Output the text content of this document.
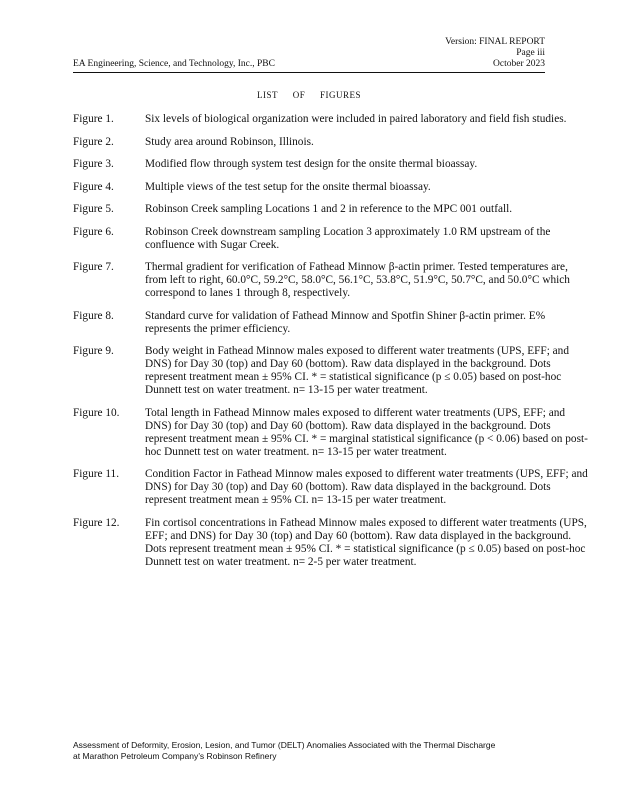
Version: FINAL REPORT
Page iii
October 2023
EA Engineering, Science, and Technology, Inc., PBC
LIST OF FIGURES
Figure 1.	Six levels of biological organization were included in paired laboratory and field fish studies.
Figure 2.	Study area around Robinson, Illinois.
Figure 3.	Modified flow through system test design for the onsite thermal bioassay.
Figure 4.	Multiple views of the test setup for the onsite thermal bioassay.
Figure 5.	Robinson Creek sampling Locations 1 and 2 in reference to the MPC 001 outfall.
Figure 6.	Robinson Creek downstream sampling Location 3 approximately 1.0 RM upstream of the confluence with Sugar Creek.
Figure 7.	Thermal gradient for verification of Fathead Minnow β-actin primer. Tested temperatures are, from left to right, 60.0°C, 59.2°C, 58.0°C, 56.1°C, 53.8°C, 51.9°C, 50.7°C, and 50.0°C which correspond to lanes 1 through 8, respectively.
Figure 8.	Standard curve for validation of Fathead Minnow and Spotfin Shiner β-actin primer. E% represents the primer efficiency.
Figure 9.	Body weight in Fathead Minnow males exposed to different water treatments (UPS, EFF; and DNS) for Day 30 (top) and Day 60 (bottom). Raw data displayed in the background. Dots represent treatment mean ± 95% CI. * = statistical significance (p ≤ 0.05) based on post-hoc Dunnett test on water treatment. n= 13-15 per water treatment.
Figure 10.	Total length in Fathead Minnow males exposed to different water treatments (UPS, EFF; and DNS) for Day 30 (top) and Day 60 (bottom). Raw data displayed in the background. Dots represent treatment mean ± 95% CI. * = marginal statistical significance (p < 0.06) based on post-hoc Dunnett test on water treatment. n= 13-15 per water treatment.
Figure 11.	Condition Factor in Fathead Minnow males exposed to different water treatments (UPS, EFF; and DNS) for Day 30 (top) and Day 60 (bottom). Raw data displayed in the background. Dots represent treatment mean ± 95% CI. n= 13-15 per water treatment.
Figure 12.	Fin cortisol concentrations in Fathead Minnow males exposed to different water treatments (UPS, EFF; and DNS) for Day 30 (top) and Day 60 (bottom). Raw data displayed in the background. Dots represent treatment mean ± 95% CI. * = statistical significance (p ≤ 0.05) based on post-hoc Dunnett test on water treatment. n= 2-5 per water treatment.
Assessment of Deformity, Erosion, Lesion, and Tumor (DELT) Anomalies Associated with the Thermal Discharge
at Marathon Petroleum Company’s Robinson Refinery
